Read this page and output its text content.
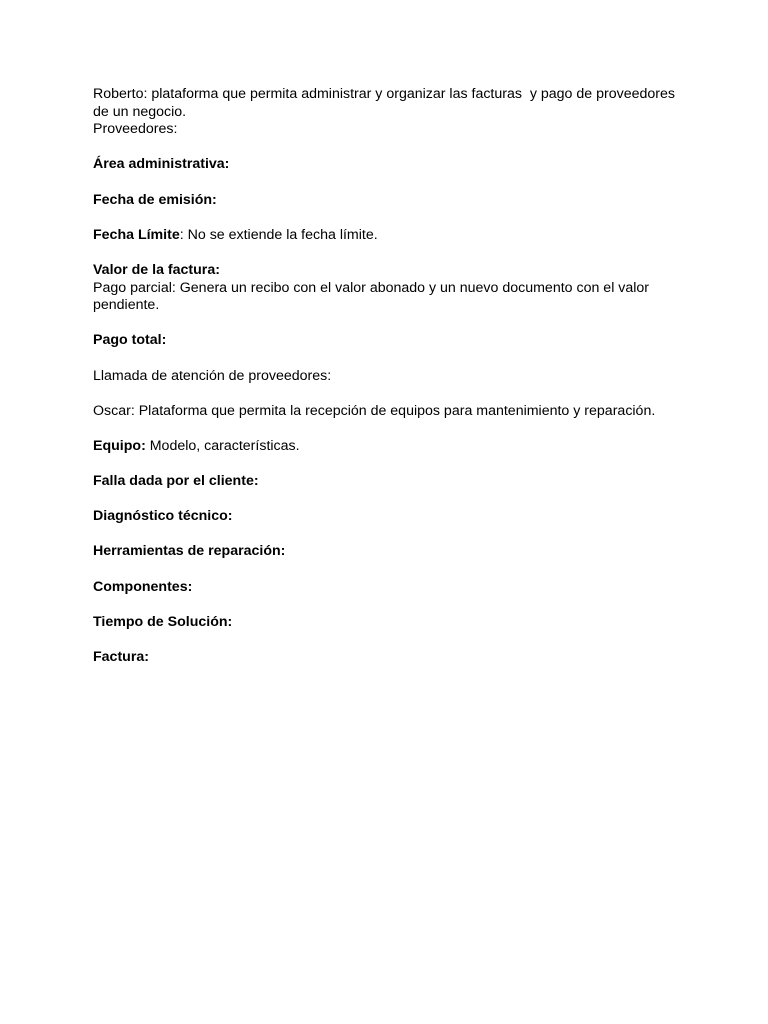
Roberto: plataforma que permita administrar y organizar las facturas  y pago de proveedores

de un negocio.

Proveedores:

Área administrativa:

Fecha de emisión:

Fecha Límite: No se extiende la fecha límite.

Valor de la factura:

Pago parcial: Genera un recibo con el valor abonado y un nuevo documento con el valor

pendiente.

Pago total:

Llamada de atención de proveedores:

Oscar: Plataforma que permita la recepción de equipos para mantenimiento y reparación.

Equipo: Modelo, características.

Falla dada por el cliente:

Diagnóstico técnico:

Herramientas de reparación:

Componentes:

Tiempo de Solución:

Factura:
